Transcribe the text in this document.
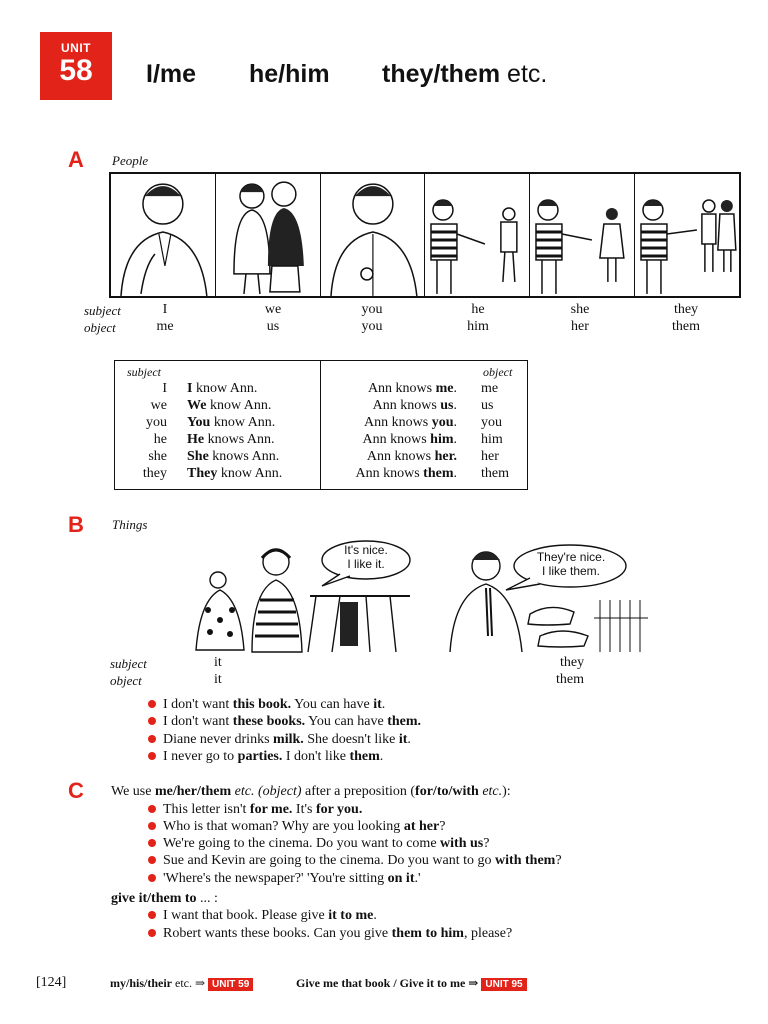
UNIT
58	I/me he/him they/them etc.
A People
subject
object
I	we	you	he	she	they
me	us	you	him	her	them
subject	object
I I know Ann.	Ann knows me. me
we We know Ann.	Ann knows us. us
you You know Ann.	Ann knows you. you
he He knows Ann.	Ann knows him. him
she She knows Ann.	Ann knows her. her
they They know Ann.	Ann knows them. them
B Things
It's nice.
I like it.	They're nice.
I like them.
subject
object
it
it
they
them
I don't want this book. You can have it.
I don't want these books. You can have them.
Diane never drinks milk. She doesn't like it.
I never go to parties. I don't like them.
C We use me/her/them etc. (object) after a preposition (for/to/with etc.):
This letter isn't for me. It's for you.
Who is that woman? Why are you looking at her?
We're going to the cinema. Do you want to come with us?
Sue and Kevin are going to the cinema. Do you want to go with them?
'Where's the newspaper?' 'You're sitting on it.'
give it/them to ... :
I want that book. Please give it to me.
Robert wants these books. Can you give them to him, please?
[124]	my/his/their etc. ⇒ UNIT 59	Give me that book / Give it to me ⇒ UNIT 95
